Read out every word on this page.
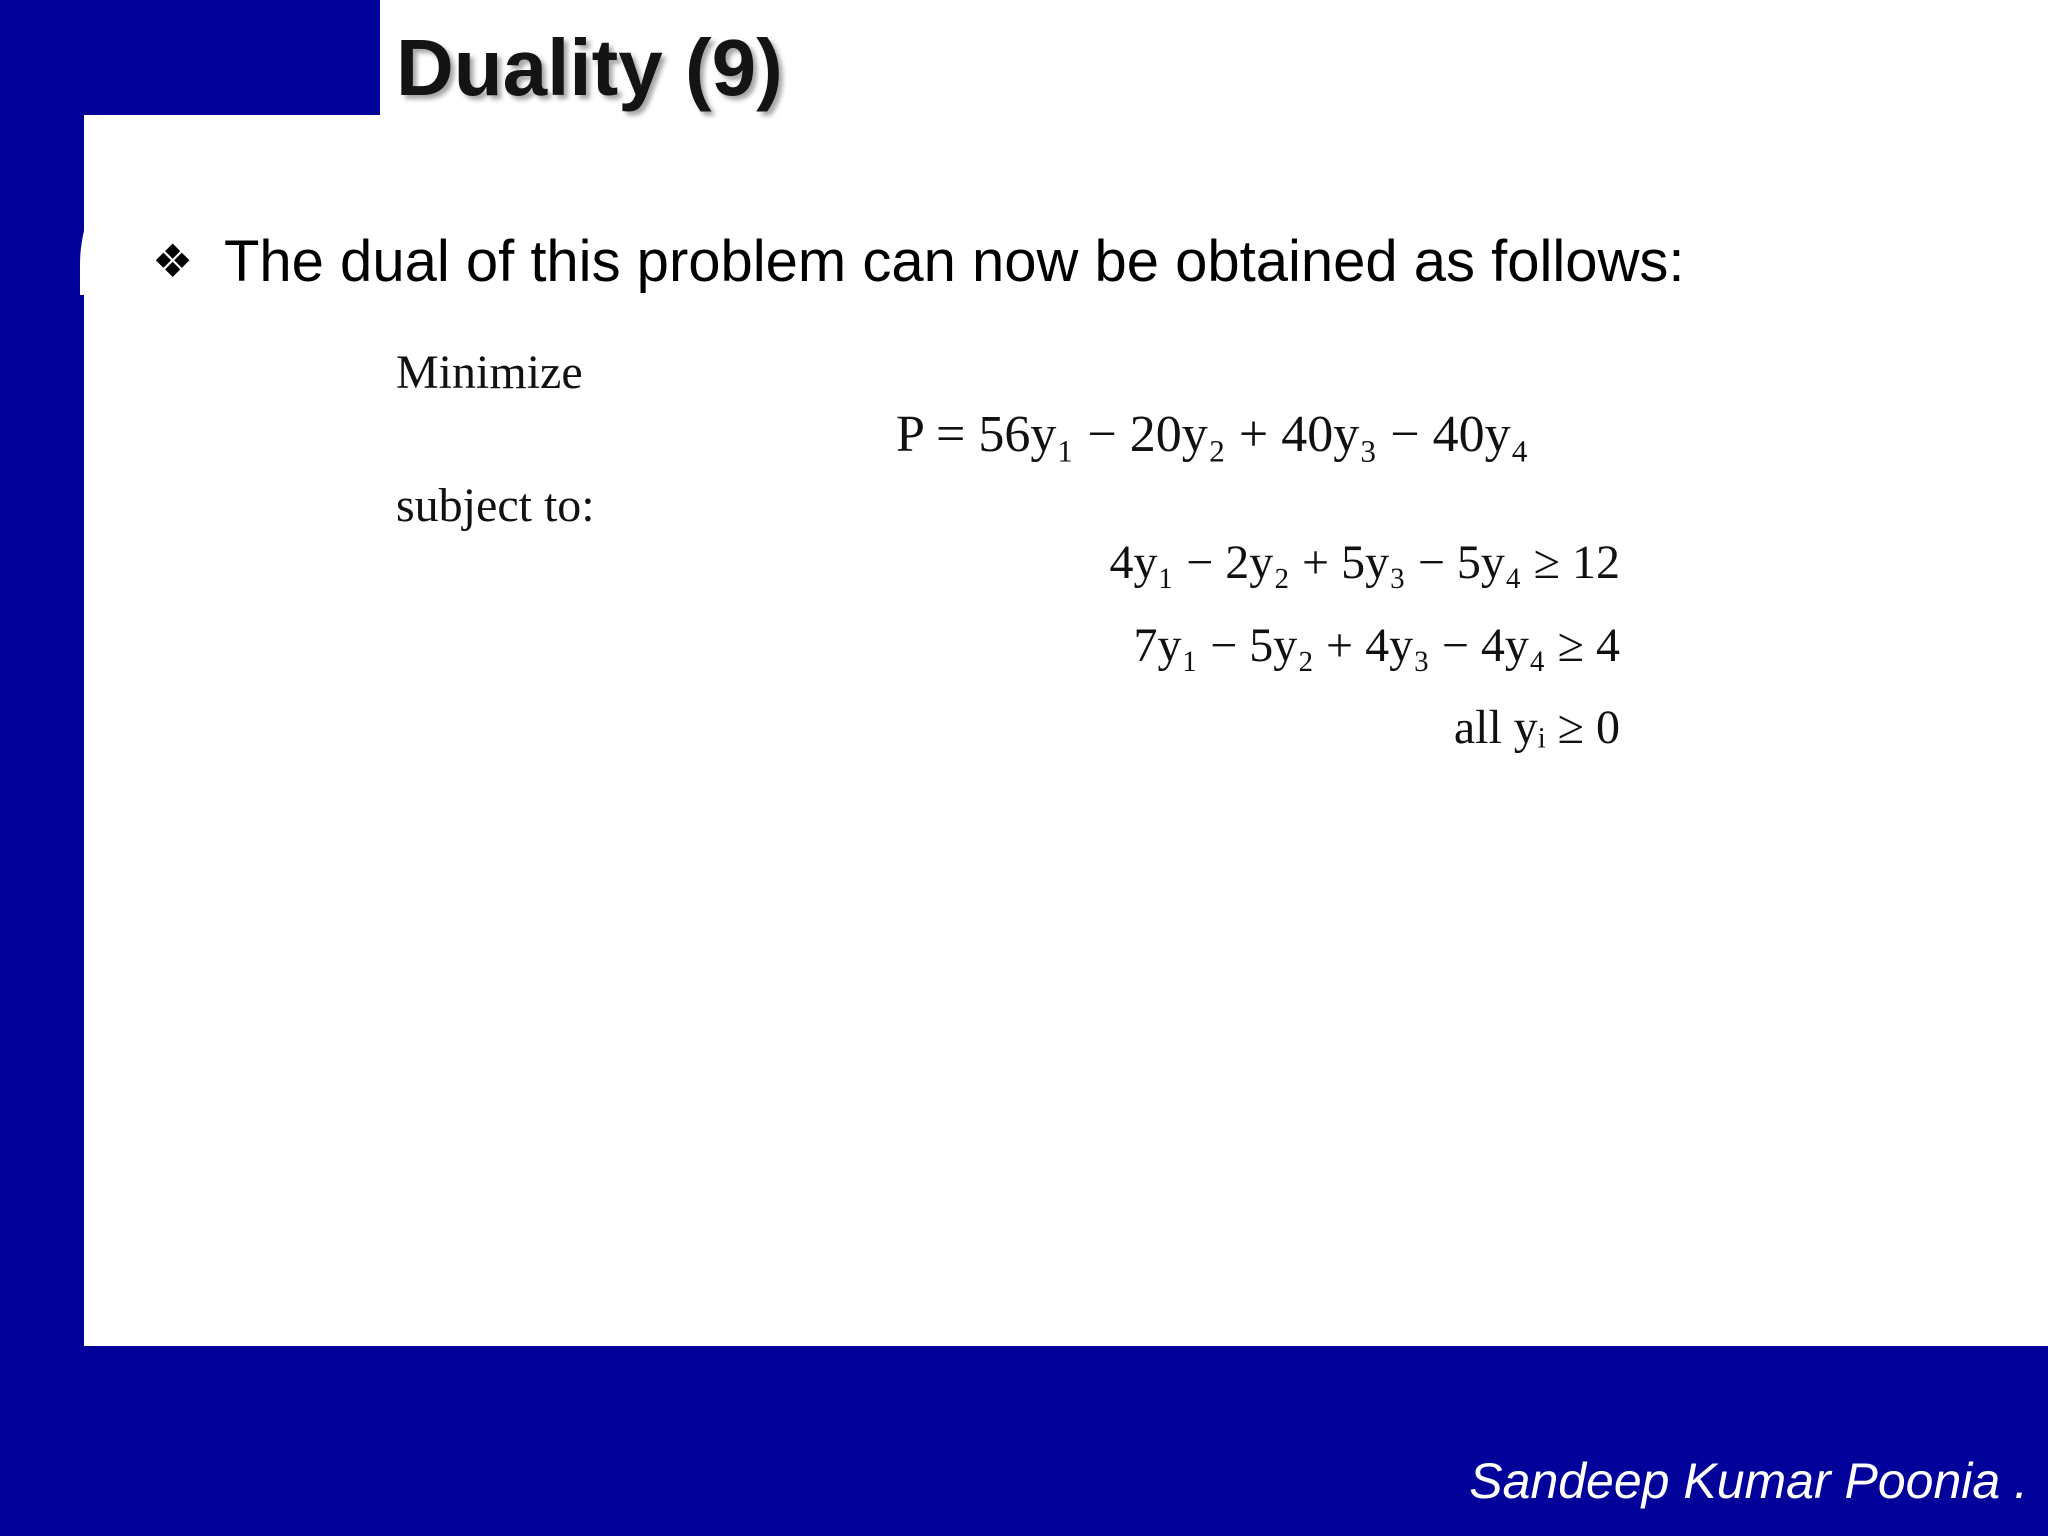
Duality (9)
❖ The dual of this problem can now be obtained as follows:
Minimize
P = 56y₁ − 20y₂ + 40y₃ − 40y₄
subject to:
4y₁ − 2y₂ + 5y₃ − 5y₄ ≥ 12
7y₁ − 5y₂ + 4y₃ − 4y₄ ≥ 4
all yᵢ ≥ 0
Sandeep Kumar Poonia .
